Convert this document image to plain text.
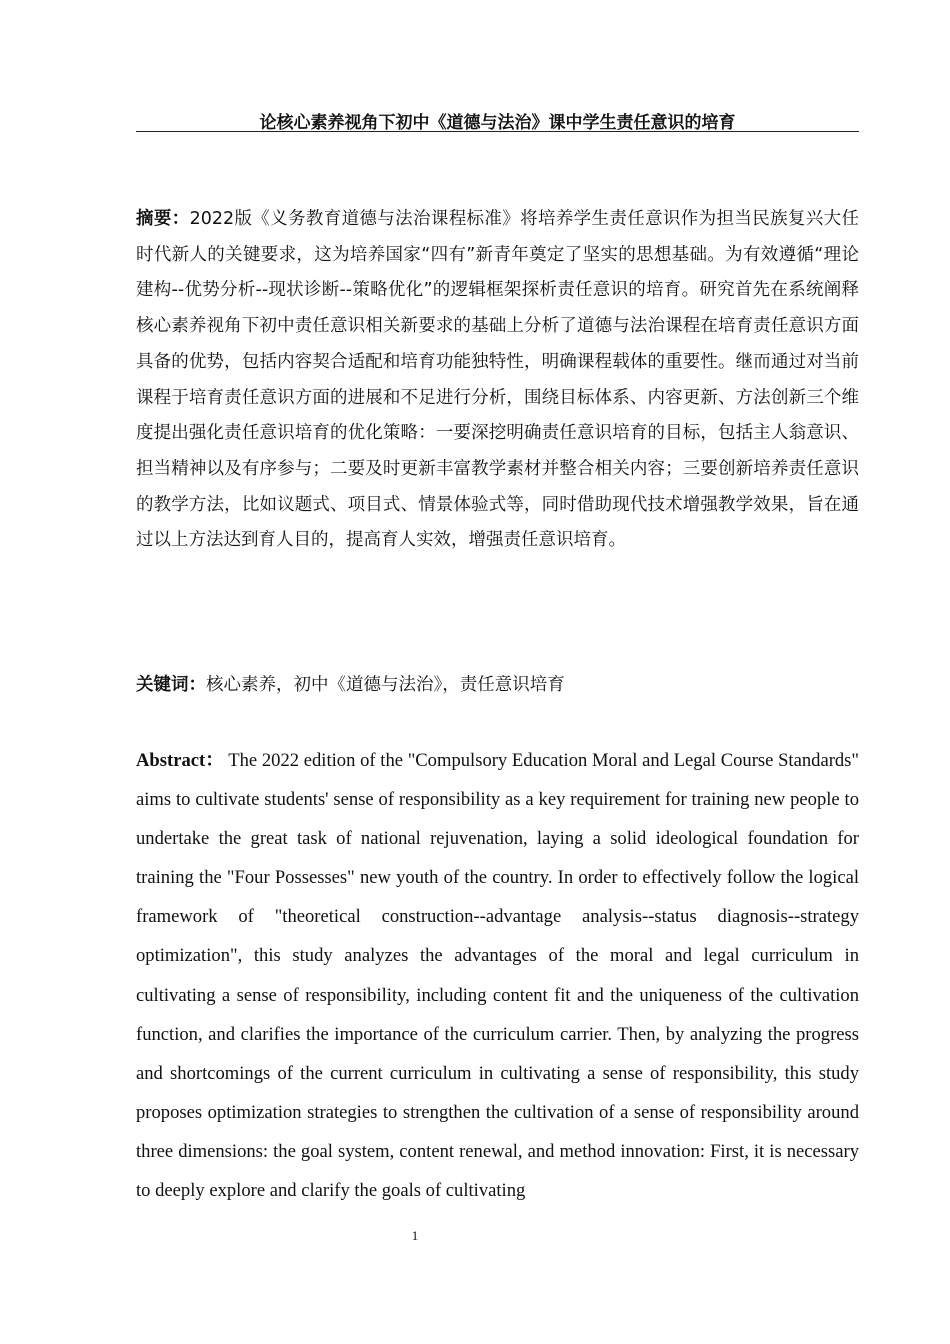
论核心素养视角下初中《道德与法治》课中学生责任意识的培育

摘要：2022版《义务教育道德与法治课程标准》将培养学生责任意识作为担当民族复兴大任时代新人的关键要求，这为培养国家“四有”新青年奠定了坚实的思想基础。为有效遵循“理论建构--优势分析--现状诊断--策略优化”的逻辑框架探析责任意识的培育。研究首先在系统阐释核心素养视角下初中责任意识相关新要求的基础上分析了道德与法治课程在培育责任意识方面具备的优势，包括内容契合适配和培育功能独特性，明确课程载体的重要性。继而通过对当前课程于培育责任意识方面的进展和不足进行分析，围绕目标体系、内容更新、方法创新三个维度提出强化责任意识培育的优化策略：一要深挖明确责任意识培育的目标，包括主人翁意识、担当精神以及有序参与；二要及时更新丰富教学素材并整合相关内容；三要创新培养责任意识的教学方法，比如议题式、项目式、情景体验式等，同时借助现代技术增强教学效果，旨在通过以上方法达到育人目的，提高育人实效，增强责任意识培育。

关键词：核心素养，初中《道德与法治》，责任意识培育

Abstract： The 2022 edition of the "Compulsory Education Moral and Legal Course Standards" aims to cultivate students' sense of responsibility as a key requirement for training new people to undertake the great task of national rejuvenation, laying a solid ideological foundation for training the "Four Possesses" new youth of the country. In order to effectively follow the logical framework of "theoretical construction--advantage analysis--status diagnosis--strategy optimization", this study analyzes the advantages of the moral and legal curriculum in cultivating a sense of responsibility, including content fit and the uniqueness of the cultivation function, and clarifies the importance of the curriculum carrier. Then, by analyzing the progress and shortcomings of the current curriculum in cultivating a sense of responsibility, this study proposes optimization strategies to strengthen the cultivation of a sense of responsibility around three dimensions: the goal system, content renewal, and method innovation: First, it is necessary to deeply explore and clarify the goals of cultivating

1
